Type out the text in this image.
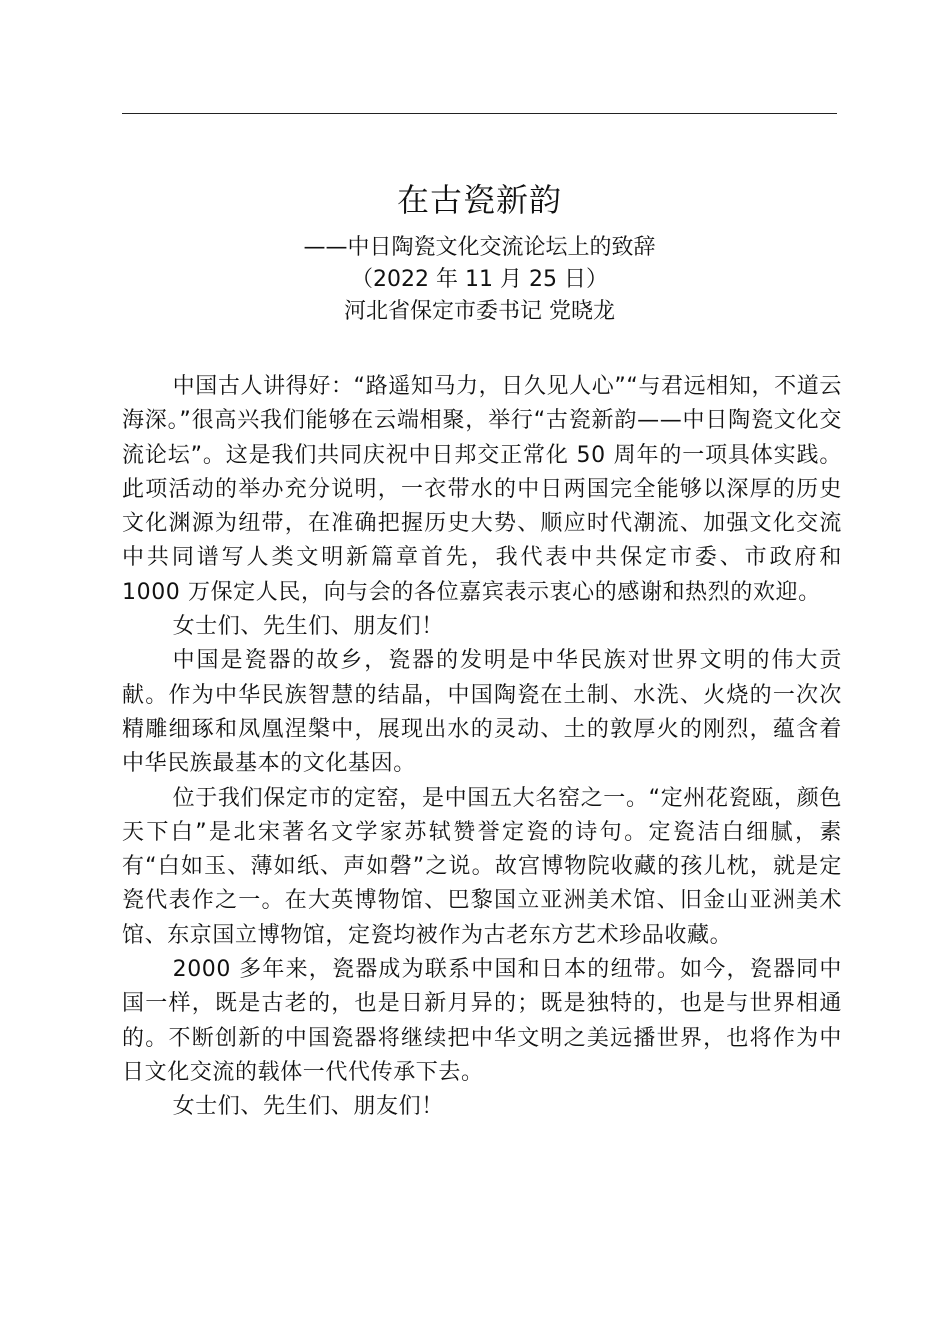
在古瓷新韵

——中日陶瓷文化交流论坛上的致辞

（2022 年 11 月 25 日）

河北省保定市委书记 党晓龙

中国古人讲得好：“路遥知马力，日久见人心”“与君远相知，不道云海深。”很高兴我们能够在云端相聚，举行“古瓷新韵——中日陶瓷文化交流论坛”。这是我们共同庆祝中日邦交正常化 50 周年的一项具体实践。此项活动的举办充分说明，一衣带水的中日两国完全能够以深厚的历史文化渊源为纽带，在准确把握历史大势、顺应时代潮流、加强文化交流中共同谱写人类文明新篇章首先，我代表中共保定市委、市政府和 1000 万保定人民，向与会的各位嘉宾表示衷心的感谢和热烈的欢迎。

女士们、先生们、朋友们！

中国是瓷器的故乡，瓷器的发明是中华民族对世界文明的伟大贡献。作为中华民族智慧的结晶，中国陶瓷在土制、水洗、火烧的一次次精雕细琢和凤凰涅槃中，展现出水的灵动、土的敦厚火的刚烈，蕴含着中华民族最基本的文化基因。

位于我们保定市的定窑，是中国五大名窑之一。“定州花瓷瓯，颜色天下白”是北宋著名文学家苏轼赞誉定瓷的诗句。定瓷洁白细腻，素有“白如玉、薄如纸、声如磬”之说。故宫博物院收藏的孩儿枕，就是定瓷代表作之一。在大英博物馆、巴黎国立亚洲美术馆、旧金山亚洲美术馆、东京国立博物馆，定瓷均被作为古老东方艺术珍品收藏。

2000 多年来，瓷器成为联系中国和日本的纽带。如今，瓷器同中国一样，既是古老的，也是日新月异的；既是独特的，也是与世界相通的。不断创新的中国瓷器将继续把中华文明之美远播世界，也将作为中日文化交流的载体一代代传承下去。

女士们、先生们、朋友们！
